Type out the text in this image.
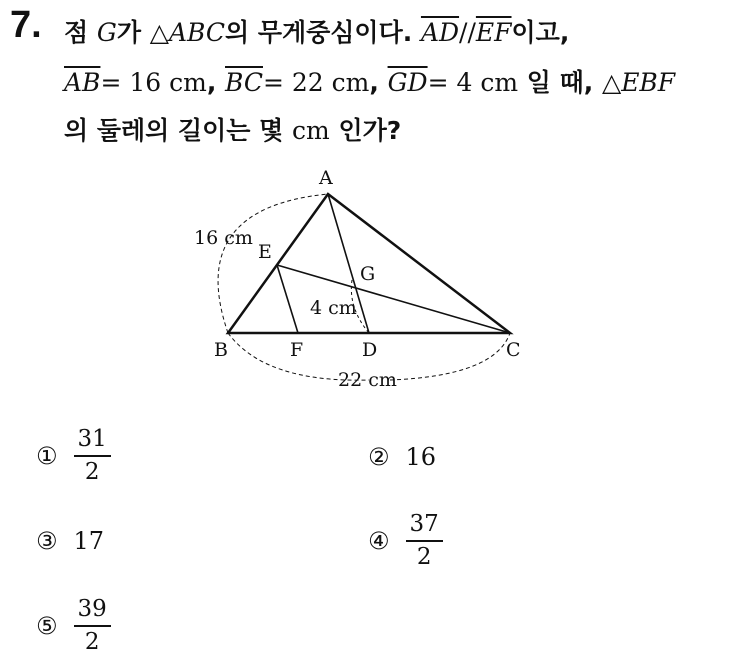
7. 점 G가 △ABC의 무게중심이다. $\overline{AD}//\overline{EF}$이고,
$\overline{AB}= 16$ cm, $\overline{BC}= 22$ cm, $\overline{GD}= 4$ cm 일 때, △EBF
의 둘레의 길이는 몇 cm 인가?
A
B	C
D
E
F
G
16 cm
4 cm
22 cm
① $\frac{31}{2}$	② 16
③ 17	④ $\frac{37}{2}$
⑤ $\frac{39}{2}$
